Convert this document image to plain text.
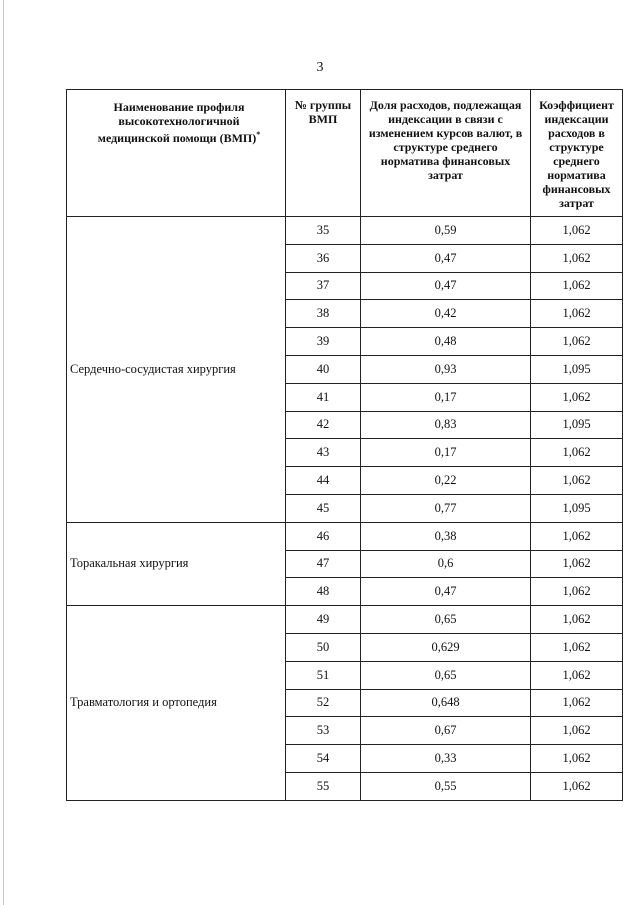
3
Наименование профиля высокотехнологичной медицинской помощи (ВМП)*	№ группы ВМП	Доля расходов, подлежащая индексации в связи с изменением курсов валют, в структуре среднего норматива финансовых затрат	Коэффициент индексации расходов в структуре среднего норматива финансовых затрат
Сердечно-сосудистая хирургия	35	0,59	1,062
	36	0,47	1,062
	37	0,47	1,062
	38	0,42	1,062
	39	0,48	1,062
	40	0,93	1,095
	41	0,17	1,062
	42	0,83	1,095
	43	0,17	1,062
	44	0,22	1,062
	45	0,77	1,095
Торакальная хирургия	46	0,38	1,062
	47	0,6	1,062
	48	0,47	1,062
Травматология и ортопедия	49	0,65	1,062
	50	0,629	1,062
	51	0,65	1,062
	52	0,648	1,062
	53	0,67	1,062
	54	0,33	1,062
	55	0,55	1,062
